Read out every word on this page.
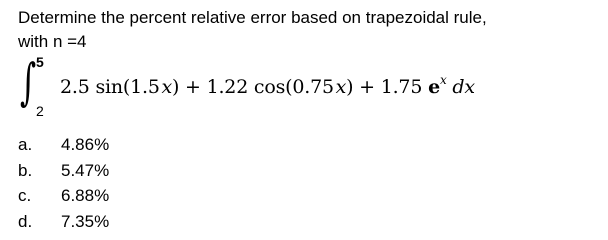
Determine the percent relative error based on trapezoidal rule,
with n =4
∫ 5
2
2.5 sin(1.5 x) + 1.22 cos(0.75 x) + 1.75 $e^x$ dx
a. 4.86%
b. 5.47%
c. 6.88%
d. 7.35%
